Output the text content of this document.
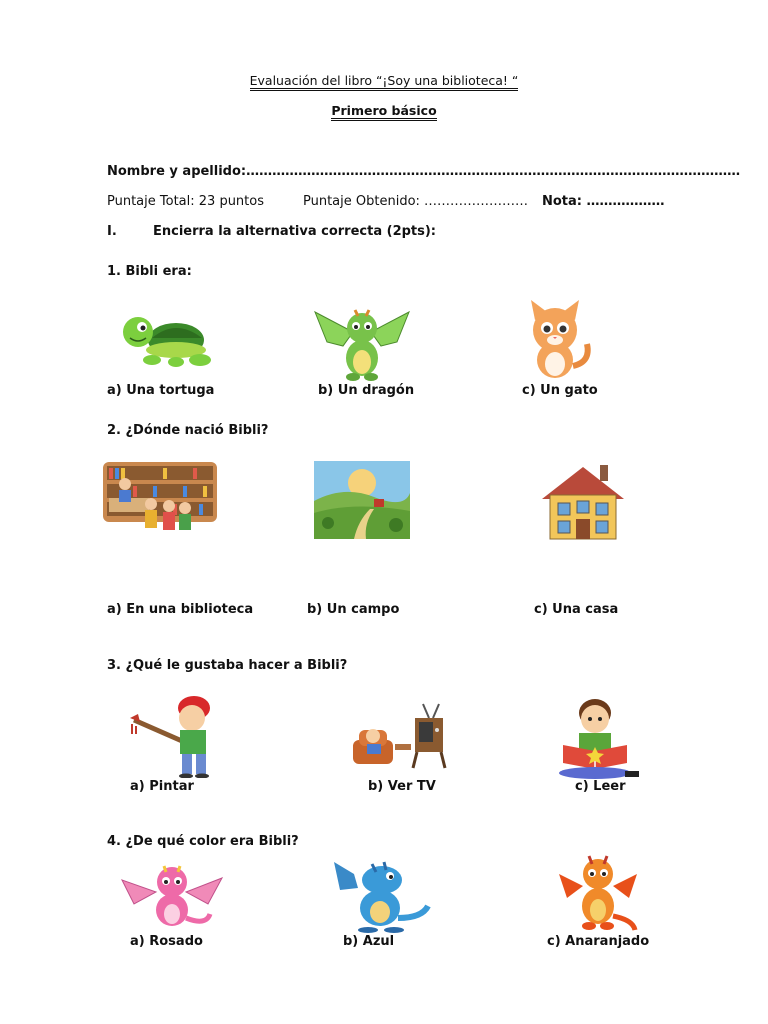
Evaluación del libro “¡Soy una biblioteca! “
Primero básico
Nombre y apellido:……………………………………………………………………………………………………
Puntaje Total: 23 puntos	Puntaje Obtenido: …………………… Nota: ………………
I.	Encierra la alternativa correcta (2pts):
1. Bibli era:
a) Una tortuga	b) Un dragón	c) Un gato
2. ¿Dónde nació Bibli?
a) En una biblioteca	b) Un campo	c) Una casa
3. ¿Qué le gustaba hacer a Bibli?
a) Pintar	b) Ver TV	c) Leer
4. ¿De qué color era Bibli?
a) Rosado	b) Azul	c) Anaranjado
